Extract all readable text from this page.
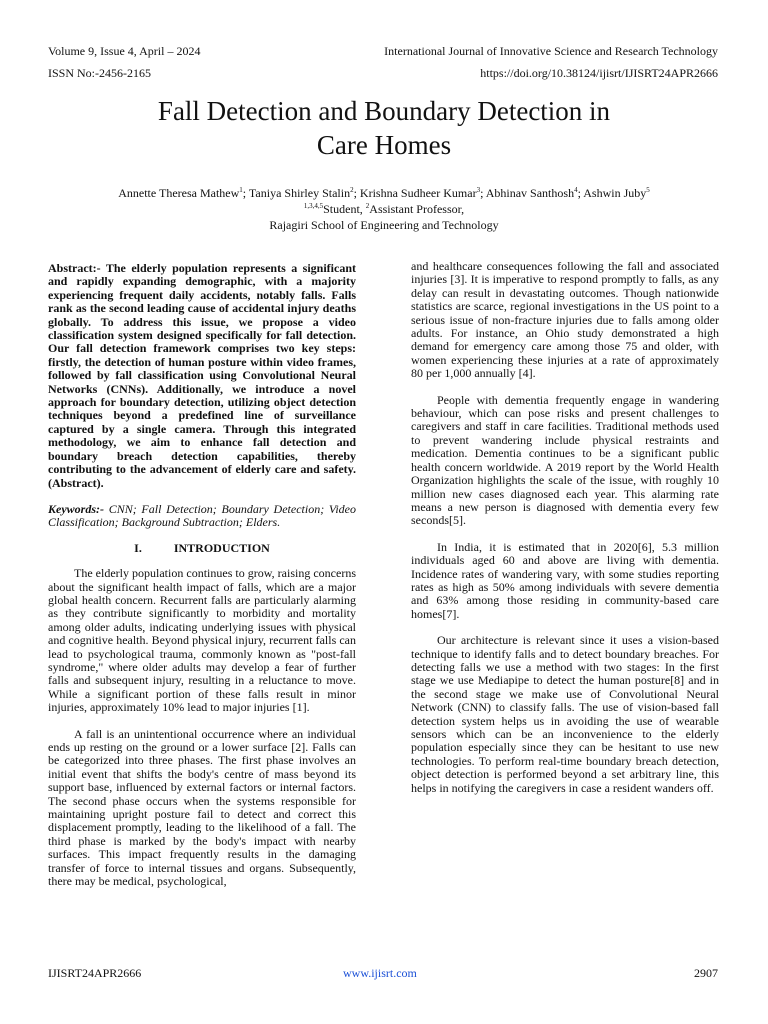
Volume 9, Issue 4, April – 2024	International Journal of Innovative Science and Research Technology
ISSN No:-2456-2165	https://doi.org/10.38124/ijisrt/IJISRT24APR2666
Fall Detection and Boundary Detection in
Care Homes
Annette Theresa Mathew$^1$; Taniya Shirley Stalin$^2$; Krishna Sudheer Kumar$^3$; Abhinav Santhosh$^4$; Ashwin Juby$^5$
$^{1,3,4,5}$Student, $^2$Assistant Professor,
Rajagiri School of Engineering and Technology

Abstract:- The elderly population represents a significant and rapidly expanding demographic, with a majority experiencing frequent daily accidents, notably falls. Falls rank as the second leading cause of accidental injury deaths globally. To address this issue, we propose a video classification system designed specifically for fall detection. Our fall detection framework comprises two key steps: firstly, the detection of human posture within video frames, followed by fall classification using Convolutional Neural Networks (CNNs). Additionally, we introduce a novel approach for boundary detection, utilizing object detection techniques beyond a predefined line of surveillance captured by a single camera. Through this integrated methodology, we aim to enhance fall detection and boundary breach detection capabilities, thereby contributing to the advancement of elderly care and safety. (Abstract).

Keywords:- CNN; Fall Detection; Boundary Detection; Video Classification; Background Subtraction; Elders.

I.	INTRODUCTION

The elderly population continues to grow, raising concerns about the significant health impact of falls, which are a major global health concern. Recurrent falls are particularly alarming as they contribute significantly to morbidity and mortality among older adults, indicating underlying issues with physical and cognitive health. Beyond physical injury, recurrent falls can lead to psychological trauma, commonly known as "post-fall syndrome," where older adults may develop a fear of further falls and subsequent injury, resulting in a reluctance to move. While a significant portion of these falls result in minor injuries, approximately 10% lead to major injuries [1].

A fall is an unintentional occurrence where an individual ends up resting on the ground or a lower surface [2]. Falls can be categorized into three phases. The first phase involves an initial event that shifts the body's centre of mass beyond its support base, influenced by external factors or internal factors. The second phase occurs when the systems responsible for maintaining upright posture fail to detect and correct this displacement promptly, leading to the likelihood of a fall. The third phase is marked by the body's impact with nearby surfaces. This impact frequently results in the damaging transfer of force to internal tissues and organs. Subsequently, there may be medical, psychological,

and healthcare consequences following the fall and associated injuries [3]. It is imperative to respond promptly to falls, as any delay can result in devastating outcomes. Though nationwide statistics are scarce, regional investigations in the US point to a serious issue of non-fracture injuries due to falls among older adults. For instance, an Ohio study demonstrated a high demand for emergency care among those 75 and older, with women experiencing these injuries at a rate of approximately 80 per 1,000 annually [4].

People with dementia frequently engage in wandering behaviour, which can pose risks and present challenges to caregivers and staff in care facilities. Traditional methods used to prevent wandering include physical restraints and medication. Dementia continues to be a significant public health concern worldwide. A 2019 report by the World Health Organization highlights the scale of the issue, with roughly 10 million new cases diagnosed each year. This alarming rate means a new person is diagnosed with dementia every few seconds[5].

In India, it is estimated that in 2020[6], 5.3 million individuals aged 60 and above are living with dementia. Incidence rates of wandering vary, with some studies reporting rates as high as 50% among individuals with severe dementia and 63% among those residing in community-based care homes[7].

Our architecture is relevant since it uses a vision-based technique to identify falls and to detect boundary breaches. For detecting falls we use a method with two stages: In the first stage we use Mediapipe to detect the human posture[8] and in the second stage we make use of Convolutional Neural Network (CNN) to classify falls. The use of vision-based fall detection system helps us in avoiding the use of wearable sensors which can be an inconvenience to the elderly population especially since they can be hesitant to use new technologies. To perform real-time boundary breach detection, object detection is performed beyond a set arbitrary line, this helps in notifying the caregivers in case a resident wanders off.

IJISRT24APR2666	www.ijisrt.com	2907
